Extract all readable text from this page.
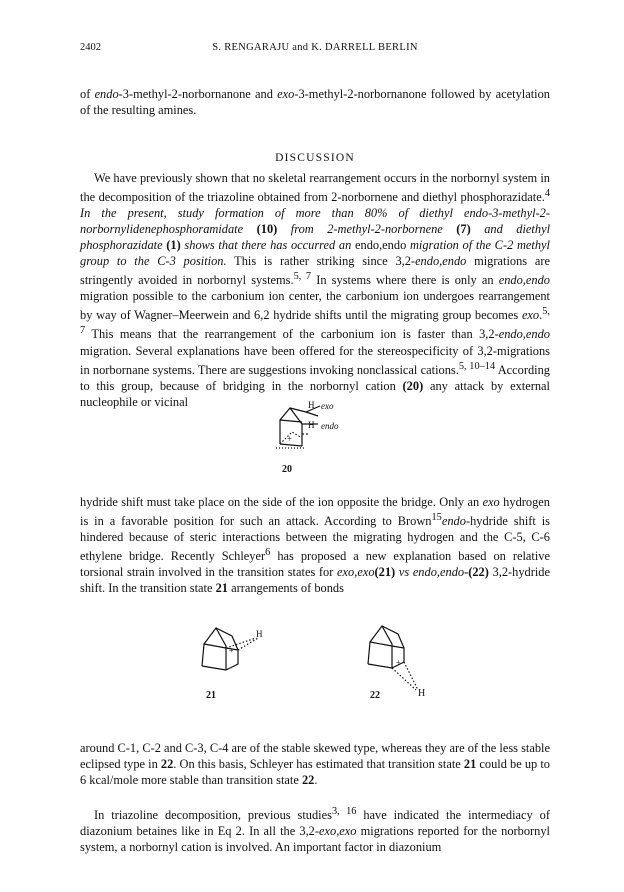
2402	S. RENGARAJU and K. DARRELL BERLIN

of endo-3-methyl-2-norbornanone and exo-3-methyl-2-norbornanone followed by acetylation of the resulting amines.

DISCUSSION

We have previously shown that no skeletal rearrangement occurs in the norbornyl system in the decomposition of the triazoline obtained from 2-norbornene and diethyl phosphorazidate.$^4$ In the present, study formation of more than 80% of diethyl endo-3-methyl-2-norbornylidenephosphoramidate (10) from 2-methyl-2-norbornene (7) and diethyl phosphorazidate (1) shows that there has occurred an endo,endo migration of the C-2 methyl group to the C-3 position. This is rather striking since 3,2-endo,endo migrations are stringently avoided in norbornyl systems.$^{5, 7}$ In systems where there is only an endo,endo migration possible to the carbonium ion center, the carbonium ion undergoes rearrangement by way of Wagner–Meerwein and 6,2 hydride shifts until the migrating group becomes exo.$^{5, 7}$ This means that the rearrangement of the carbonium ion is faster than 3,2-endo,endo migration. Several explanations have been offered for the stereospecificity of 3,2-migrations in norbornane systems. There are suggestions invoking nonclassical cations.$^{5, 10-14}$ According to this group, because of bridging in the norbornyl cation (20) any attack by external nucleophile or vicinal	H exo
H endo
+
20

hydride shift must take place on the side of the ion opposite the bridge. Only an exo hydrogen is in a favorable position for such an attack. According to Brown$^{15}$endo-hydride shift is hindered because of steric interactions between the migrating hydrogen and the C-5, C-6 ethylene bridge. Recently Schleyer$^6$ has proposed a new explanation based on relative torsional strain involved in the transition states for exo,exo(21) vs endo,endo-(22) 3,2-hydride shift. In the transition state 21 arrangements of bonds

H
+
21
+
22	H

around C-1, C-2 and C-3, C-4 are of the stable skewed type, whereas they are of the less stable eclipsed type in 22. On this basis, Schleyer has estimated that transition state 21 could be up to 6 kcal/mole more stable than transition state 22.

In triazoline decomposition, previous studies$^{3, 16}$ have indicated the intermediacy of diazonium betaines like in Eq 2. In all the 3,2-exo,exo migrations reported for the norbornyl system, a norbornyl cation is involved. An important factor in diazonium
